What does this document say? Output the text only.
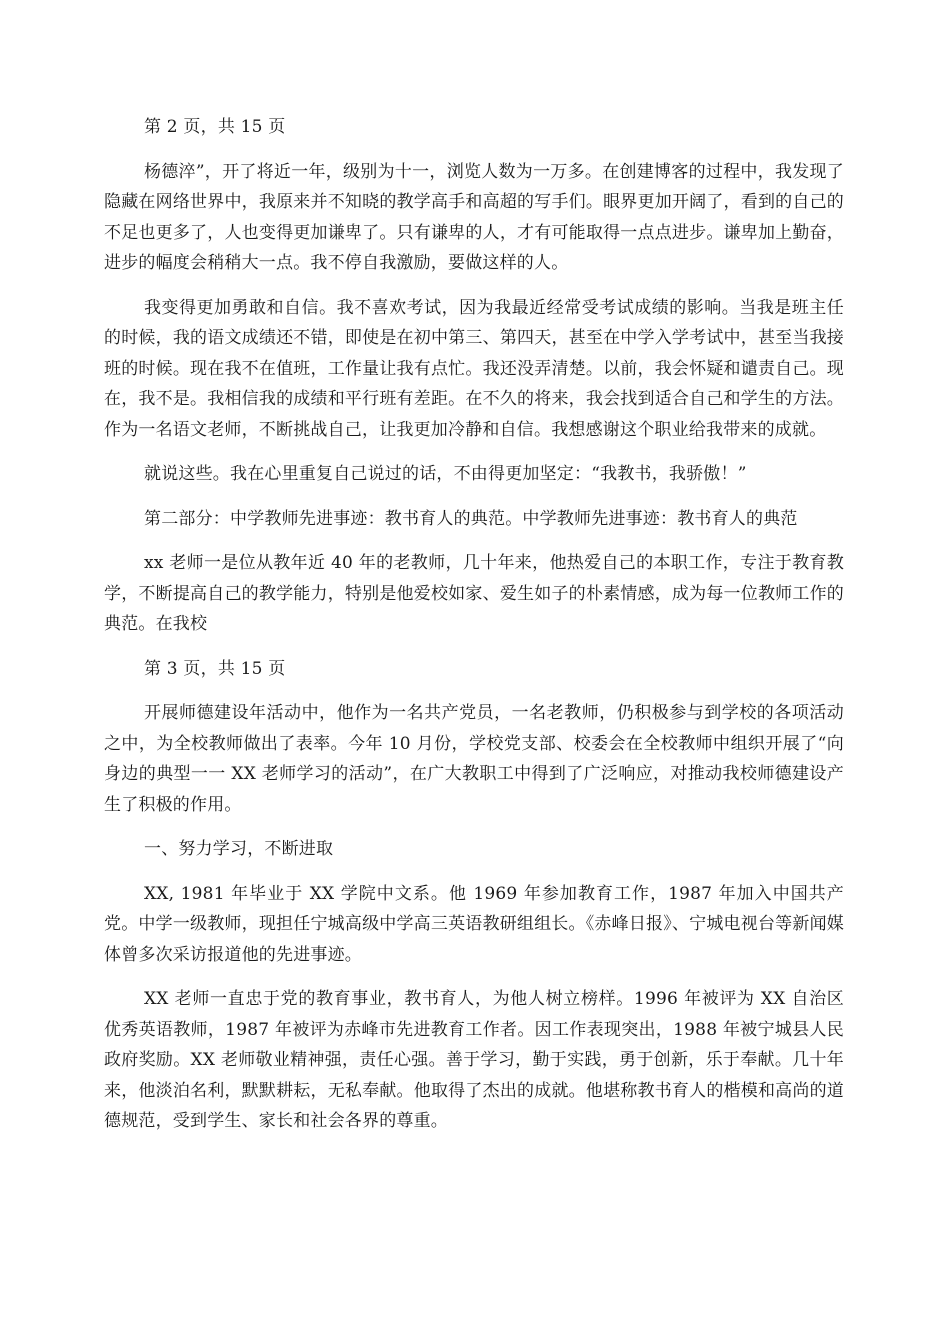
第 2 页，共 15 页

杨德淬”，开了将近一年，级别为十一，浏览人数为一万多。在创建博客的过程中，我发现了隐藏在网络世界中，我原来并不知晓的教学高手和高超的写手们。眼界更加开阔了，看到的自己的不足也更多了，人也变得更加谦卑了。只有谦卑的人，才有可能取得一点点进步。谦卑加上勤奋，进步的幅度会稍稍大一点。我不停自我激励，要做这样的人。

我变得更加勇敢和自信。我不喜欢考试，因为我最近经常受考试成绩的影响。当我是班主任的时候，我的语文成绩还不错，即使是在初中第三、第四天，甚至在中学入学考试中，甚至当我接班的时候。现在我不在值班，工作量让我有点忙。我还没弄清楚。以前，我会怀疑和谴责自己。现在，我不是。我相信我的成绩和平行班有差距。在不久的将来，我会找到适合自己和学生的方法。作为一名语文老师，不断挑战自己，让我更加冷静和自信。我想感谢这个职业给我带来的成就。

就说这些。我在心里重复自己说过的话，不由得更加坚定：“我教书，我骄傲！”

第二部分：中学教师先进事迹：教书育人的典范。中学教师先进事迹：教书育人的典范

xx 老师一是位从教年近 40 年的老教师，几十年来，他热爱自己的本职工作，专注于教育教学，不断提高自己的教学能力，特别是他爱校如家、爱生如子的朴素情感，成为每一位教师工作的典范。在我校

第 3 页，共 15 页

开展师德建设年活动中，他作为一名共产党员，一名老教师，仍积极参与到学校的各项活动之中，为全校教师做出了表率。今年 10 月份，学校党支部、校委会在全校教师中组织开展了“向身边的典型一一 XX 老师学习的活动”，在广大教职工中得到了广泛响应，对推动我校师德建设产生了积极的作用。

一、努力学习，不断进取

XX, 1981 年毕业于 XX 学院中文系。他 1969 年参加教育工作，1987 年加入中国共产党。中学一级教师，现担任宁城高级中学高三英语教研组组长。《赤峰日报》、宁城电视台等新闻媒体曾多次采访报道他的先进事迹。

XX 老师一直忠于党的教育事业，教书育人，为他人树立榜样。1996 年被评为 XX 自治区优秀英语教师，1987 年被评为赤峰市先进教育工作者。因工作表现突出，1988 年被宁城县人民政府奖励。XX 老师敬业精神强，责任心强。善于学习，勤于实践，勇于创新，乐于奉献。几十年来，他淡泊名利，默默耕耘，无私奉献。他取得了杰出的成就。他堪称教书育人的楷模和高尚的道德规范，受到学生、家长和社会各界的尊重。
